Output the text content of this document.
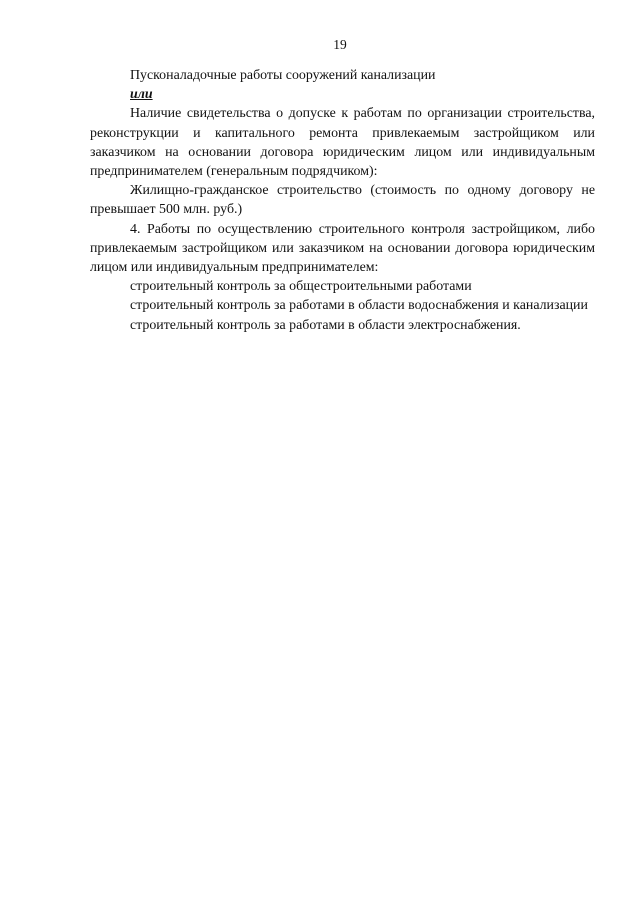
19

Пусконаладочные работы сооружений канализации

или

Наличие свидетельства о допуске к работам по организации строительства, реконструкции и капитального ремонта привлекаемым застройщиком или заказчиком на основании договора юридическим лицом или индивидуальным предпринимателем (генеральным подрядчиком):

Жилищно-гражданское строительство (стоимость по одному договору не превышает 500 млн. руб.)

4. Работы по осуществлению строительного контроля застройщиком, либо привлекаемым застройщиком или заказчиком на основании договора юридическим лицом или индивидуальным предпринимателем:

строительный контроль за общестроительными работами

строительный контроль за работами в области водоснабжения и канализации

строительный контроль за работами в области электроснабжения.
